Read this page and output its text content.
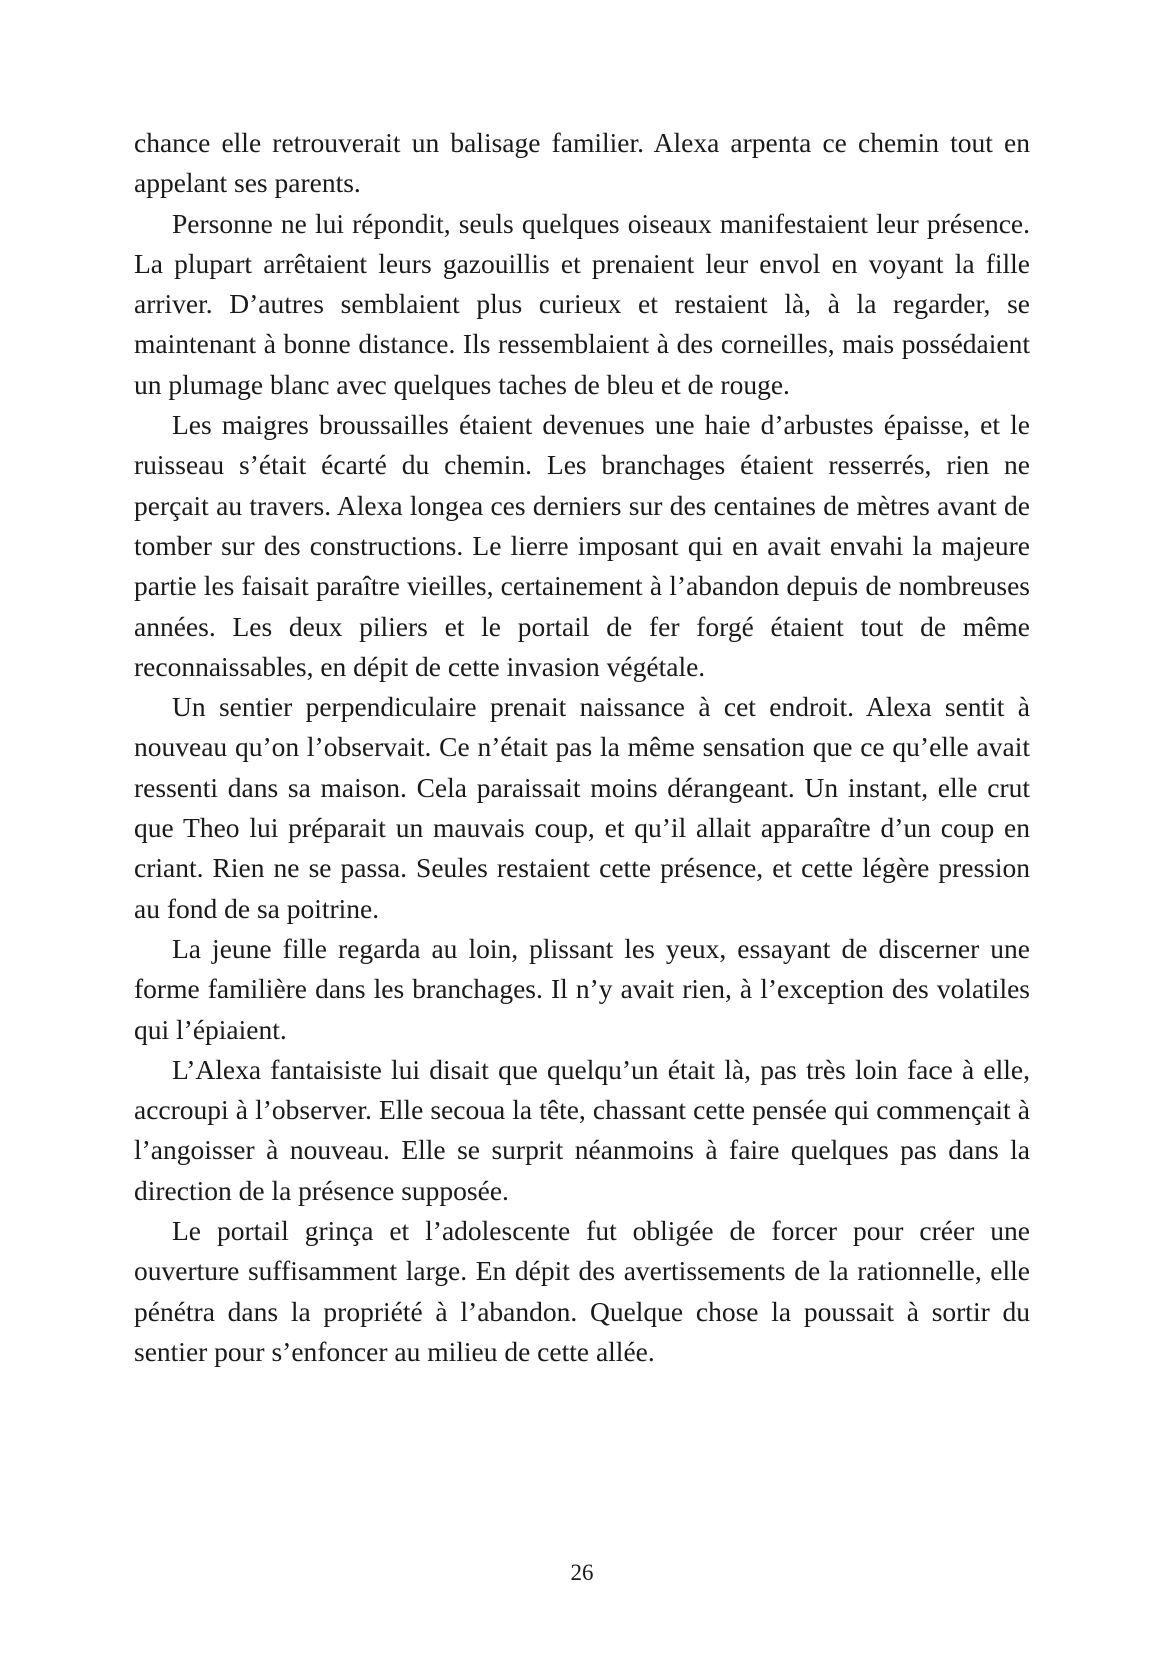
chance elle retrouverait un balisage familier. Alexa arpenta ce chemin tout en appelant ses parents.

Personne ne lui répondit, seuls quelques oiseaux manifestaient leur présence. La plupart arrêtaient leurs gazouillis et prenaient leur envol en voyant la fille arriver. D’autres semblaient plus curieux et restaient là, à la regarder, se maintenant à bonne distance. Ils ressemblaient à des corneilles, mais possédaient un plumage blanc avec quelques taches de bleu et de rouge.

Les maigres broussailles étaient devenues une haie d’arbustes épaisse, et le ruisseau s’était écarté du chemin. Les branchages étaient resserrés, rien ne perçait au travers. Alexa longea ces derniers sur des centaines de mètres avant de tomber sur des constructions. Le lierre imposant qui en avait envahi la majeure partie les faisait paraître vieilles, certainement à l’abandon depuis de nombreuses années. Les deux piliers et le portail de fer forgé étaient tout de même reconnaissables, en dépit de cette invasion végétale.

Un sentier perpendiculaire prenait naissance à cet endroit. Alexa sentit à nouveau qu’on l’observait. Ce n’était pas la même sensation que ce qu’elle avait ressenti dans sa maison. Cela paraissait moins dérangeant. Un instant, elle crut que Theo lui préparait un mauvais coup, et qu’il allait apparaître d’un coup en criant. Rien ne se passa. Seules restaient cette présence, et cette légère pression au fond de sa poitrine.

La jeune fille regarda au loin, plissant les yeux, essayant de discerner une forme familière dans les branchages. Il n’y avait rien, à l’exception des volatiles qui l’épiaient.

L’Alexa fantaisiste lui disait que quelqu’un était là, pas très loin face à elle, accroupi à l’observer. Elle secoua la tête, chassant cette pensée qui commençait à l’angoisser à nouveau. Elle se surprit néanmoins à faire quelques pas dans la direction de la présence supposée.

Le portail grinça et l’adolescente fut obligée de forcer pour créer une ouverture suffisamment large. En dépit des avertissements de la rationnelle, elle pénétra dans la propriété à l’abandon. Quelque chose la poussait à sortir du sentier pour s’enfoncer au milieu de cette allée.

26
